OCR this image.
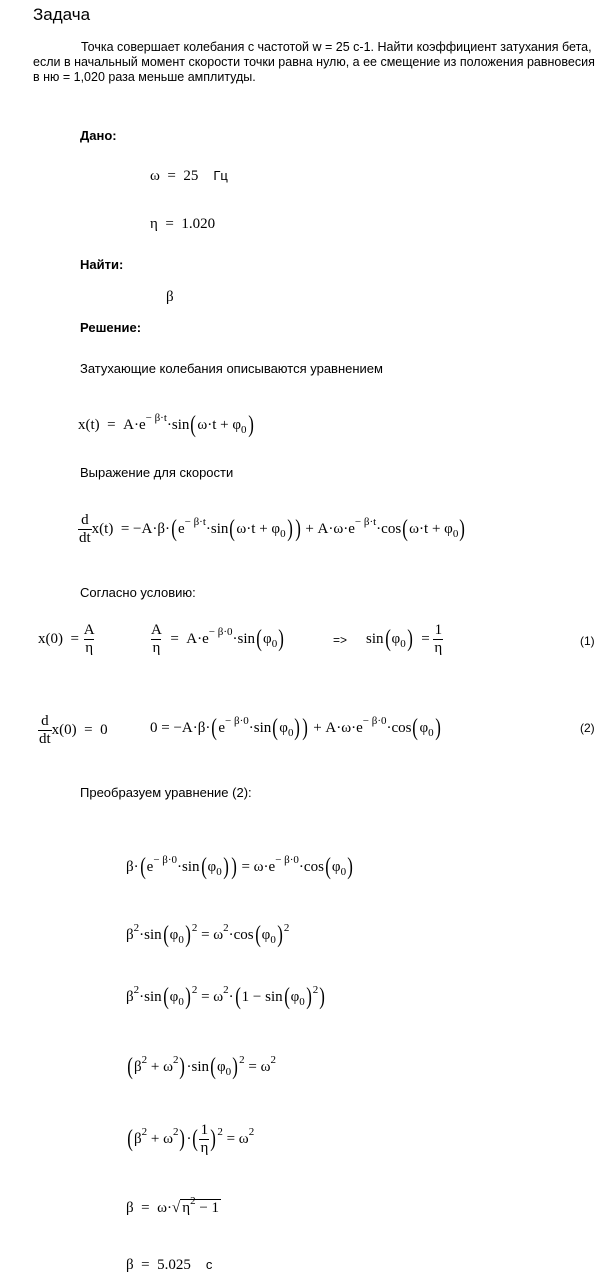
Задача
Точка совершает колебания с частотой w = 25 с-1. Найти коэффициент затухания бета, если в начальный момент скорости точки равна нулю, а ее смещение из положения равновесия в ню = 1,020 раза меньше амплитуды.
Дано:
ω  =  25 Гц
η  =  1.020
Найти:
β
Решение:
Затухающие колебания описываются уравнением
$x(t) = A\cdot e^{- \beta\cdot t}\cdot\sin(\omega\cdot t + \varphi_0)$
Выражение для скорости
$\frac{d}{dt} x(t) = -A\cdot\beta\cdot(e^{- \beta\cdot t}\cdot\sin(\omega\cdot t + \varphi_0)$ ) + $A\cdot\omega\cdot e^{- \beta\cdot t}\cdot\cos(\omega\cdot t + \varphi_0)$
Согласно условию:
$x(0) = \frac{A}{\eta}$	$\frac{A}{\eta} = A\cdot e^{- \beta\cdot 0}\cdot\sin(\varphi_0)$	=> $\sin(\varphi_0) = \frac{1}{\eta}$	(1)
$\frac{d}{dt} x(0) = 0$	$0 = -A\cdot\beta\cdot(e^{- \beta\cdot 0}\cdot\sin(\varphi_0)$ ) + $A\cdot\omega\cdot e^{- \beta\cdot 0}\cdot\cos(\varphi_0)$	(2)
Преобразуем уравнение (2):
$\beta\cdot(e^{- \beta\cdot 0}\cdot\sin(\varphi_0)$ ) = $\omega\cdot e^{- \beta\cdot 0}\cdot\cos(\varphi_0)$
$\beta^2\cdot\sin(\varphi_0)^2 = \omega^2\cdot\cos(\varphi_0)^2$
$\beta^2\cdot\sin(\varphi_0)^2 = \omega^2\cdot(1 - \sin(\varphi_0)^2)$
$(\beta^2 + \omega^2)\cdot\sin(\varphi_0)^2 = \omega^2$
$(\beta^2 + \omega^2)\cdot( \frac{1}{\eta} )^2 = \omega^2$
β  =  ω·√ $\eta^2 - 1$
β  =  5.025 с
